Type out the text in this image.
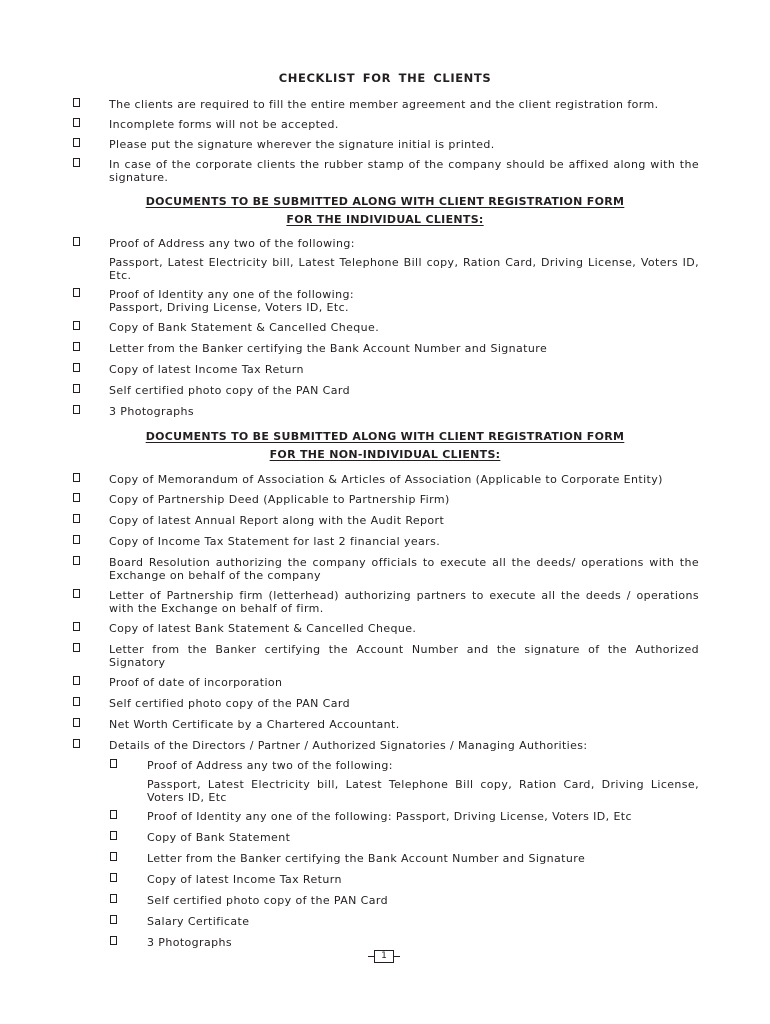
CHECKLIST FOR THE CLIENTS
The clients are required to fill the entire member agreement and the client registration form.
Incomplete forms will not be accepted.
Please put the signature wherever the signature initial is printed.
In case of the corporate clients the rubber stamp of the company should be affixed along with the signature.
DOCUMENTS TO BE SUBMITTED ALONG WITH CLIENT REGISTRATION FORM
FOR THE INDIVIDUAL CLIENTS:
Proof of Address any two of the following:
Passport, Latest Electricity bill, Latest Telephone Bill copy, Ration Card, Driving License, Voters ID, Etc.
Proof of Identity any one of the following:
Passport, Driving License, Voters ID, Etc.
Copy of Bank Statement & Cancelled Cheque.
Letter from the Banker certifying the Bank Account Number and Signature
Copy of latest Income Tax Return
Self certified photo copy of the PAN Card
3 Photographs
DOCUMENTS TO BE SUBMITTED ALONG WITH CLIENT REGISTRATION FORM
FOR THE NON-INDIVIDUAL CLIENTS:
Copy of Memorandum of Association & Articles of Association (Applicable to Corporate Entity)
Copy of Partnership Deed (Applicable to Partnership Firm)
Copy of latest Annual Report along with the Audit Report
Copy of Income Tax Statement for last 2 financial years.
Board Resolution authorizing the company officials to execute all the deeds/ operations with the Exchange on behalf of the company
Letter of Partnership firm (letterhead) authorizing partners to execute all the deeds / operations with the Exchange on behalf of firm.
Copy of latest Bank Statement & Cancelled Cheque.
Letter from the Banker certifying the Account Number and the signature of the Authorized Signatory
Proof of date of incorporation
Self certified photo copy of the PAN Card
Net Worth Certificate by a Chartered Accountant.
Details of the Directors / Partner / Authorized Signatories / Managing Authorities:
Proof of Address any two of the following:
Passport, Latest Electricity bill, Latest Telephone Bill copy, Ration Card, Driving License, Voters ID, Etc
Proof of Identity any one of the following: Passport, Driving License, Voters ID, Etc
Copy of Bank Statement
Letter from the Banker certifying the Bank Account Number and Signature
Copy of latest Income Tax Return
Self certified photo copy of the PAN Card
Salary Certificate
3 Photographs
1
